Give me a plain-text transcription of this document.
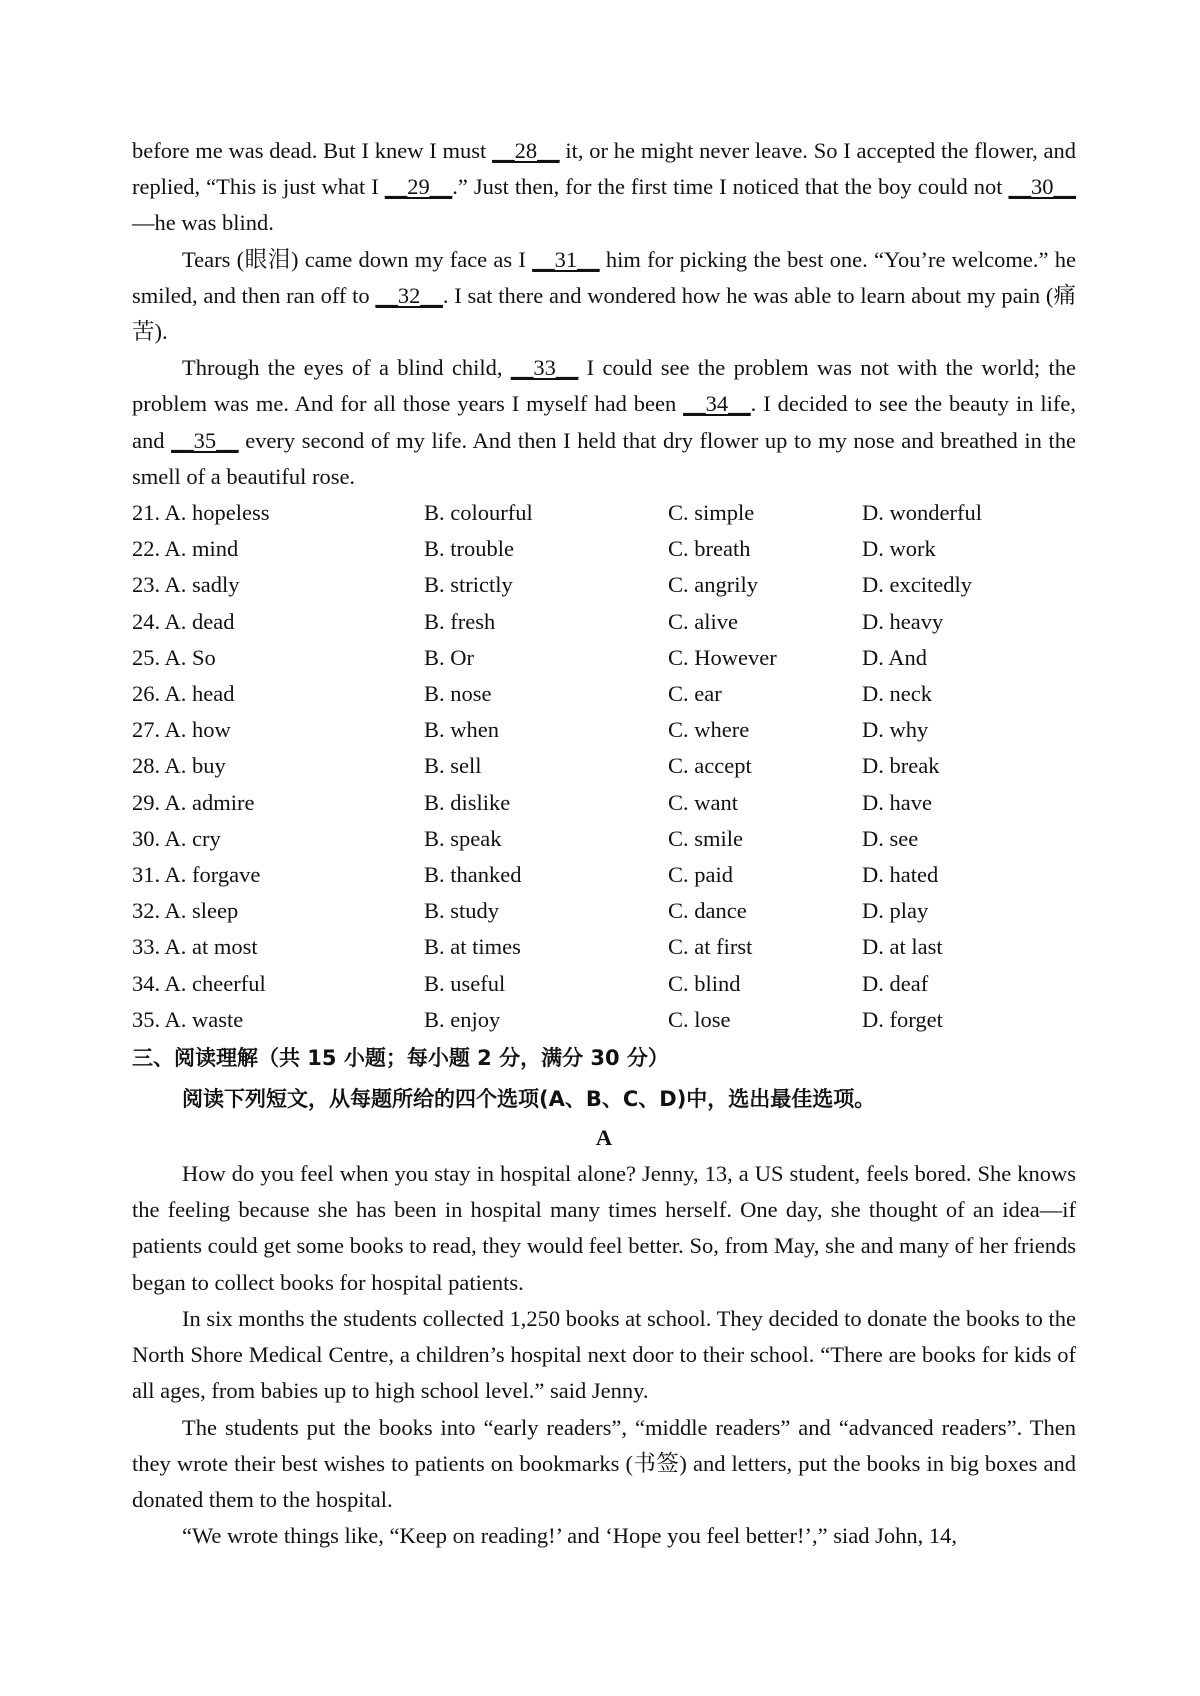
before me was dead. But I knew I must __28__ it, or he might never leave. So I accepted the flower, and replied, “This is just what I __29__.” Just then, for the first time I noticed that the boy could not __30__ —he was blind.

Tears (眼泪) came down my face as I __31__ him for picking the best one. “You’re welcome.” he smiled, and then ran off to __32__. I sat there and wondered how he was able to learn about my pain (痛苦).

Through the eyes of a blind child, __33__ I could see the problem was not with the world; the problem was me. And for all those years I myself had been __34__. I decided to see the beauty in life, and __35__ every second of my life. And then I held that dry flower up to my nose and breathed in the smell of a beautiful rose.

21. A. hopeless	B. colourful	C. simple	D. wonderful
22. A. mind	B. trouble	C. breath	D. work
23. A. sadly	B. strictly	C. angrily	D. excitedly
24. A. dead	B. fresh	C. alive	D. heavy
25. A. So	B. Or	C. However	D. And
26. A. head	B. nose	C. ear	D. neck
27. A. how	B. when	C. where	D. why
28. A. buy	B. sell	C. accept	D. break
29. A. admire	B. dislike	C. want	D. have
30. A. cry	B. speak	C. smile	D. see
31. A. forgave	B. thanked	C. paid	D. hated
32. A. sleep	B. study	C. dance	D. play
33. A. at most	B. at times	C. at first	D. at last
34. A. cheerful	B. useful	C. blind	D. deaf
35. A. waste	B. enjoy	C. lose	D. forget

三、阅读理解（共 15 小题；每小题 2 分，满分 30 分）

阅读下列短文，从每题所给的四个选项(A、B、C、D)中，选出最佳选项。

A

How do you feel when you stay in hospital alone? Jenny, 13, a US student, feels bored. She knows the feeling because she has been in hospital many times herself. One day, she thought of an idea—if patients could get some books to read, they would feel better. So, from May, she and many of her friends began to collect books for hospital patients.

In six months the students collected 1,250 books at school. They decided to donate the books to the North Shore Medical Centre, a children’s hospital next door to their school. “There are books for kids of all ages, from babies up to high school level.” said Jenny.

The students put the books into “early readers”, “middle readers” and “advanced readers”. Then they wrote their best wishes to patients on bookmarks (书签) and letters, put the books in big boxes and donated them to the hospital.

“We wrote things like, “Keep on reading!’ and ‘Hope you feel better!’,” siad John, 14,
